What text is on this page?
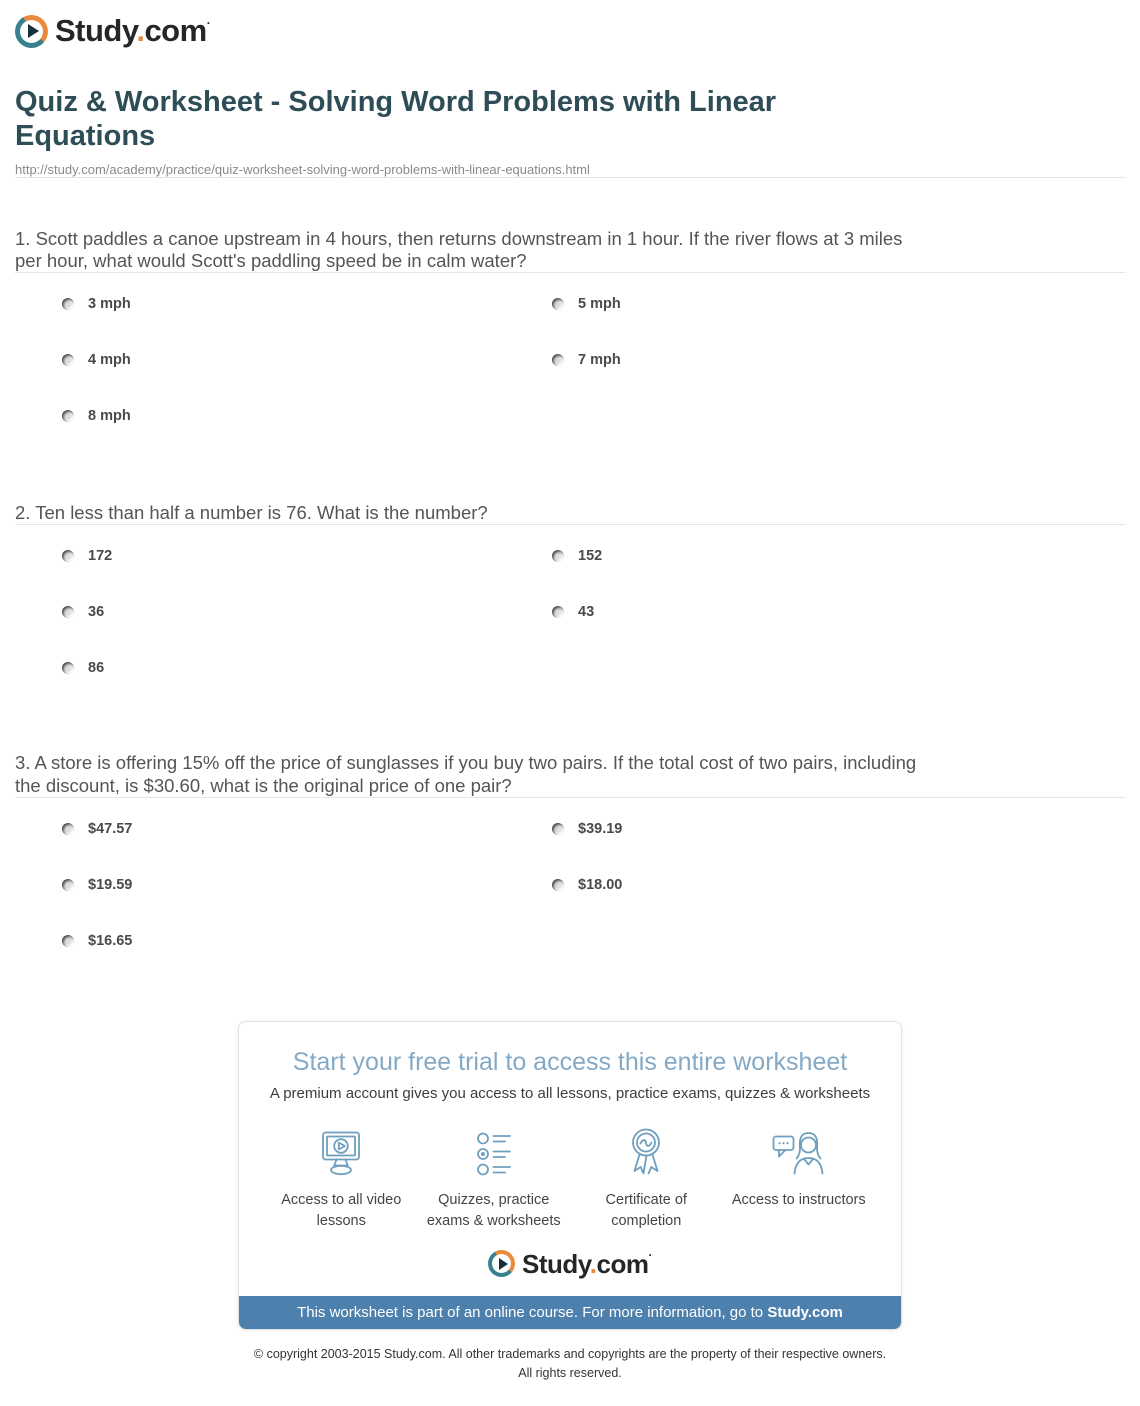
Study.com·
Quiz & Worksheet - Solving Word Problems with Linear Equations
http://study.com/academy/practice/quiz-worksheet-solving-word-problems-with-linear-equations.html

1. Scott paddles a canoe upstream in 4 hours, then returns downstream in 1 hour. If the river flows at 3 miles per hour, what would Scott's paddling speed be in calm water?

3 mph
4 mph
8 mph
5 mph
7 mph

2. Ten less than half a number is 76. What is the number?

172
36
86
152
43

3. A store is offering 15% off the price of sunglasses if you buy two pairs. If the total cost of two pairs, including the discount, is $30.60, what is the original price of one pair?

$47.57
$19.59
$16.65
$39.19
$18.00
Start your free trial to access this entire worksheet
A premium account gives you access to all lessons, practice exams, quizzes & worksheets
Access to all video lessons
Quizzes, practice exams & worksheets
Certificate of completion
Access to instructors
Study.com·
This worksheet is part of an online course. For more information, go to Study.com
© copyright 2003-2015 Study.com. All other trademarks and copyrights are the property of their respective owners.
All rights reserved.
